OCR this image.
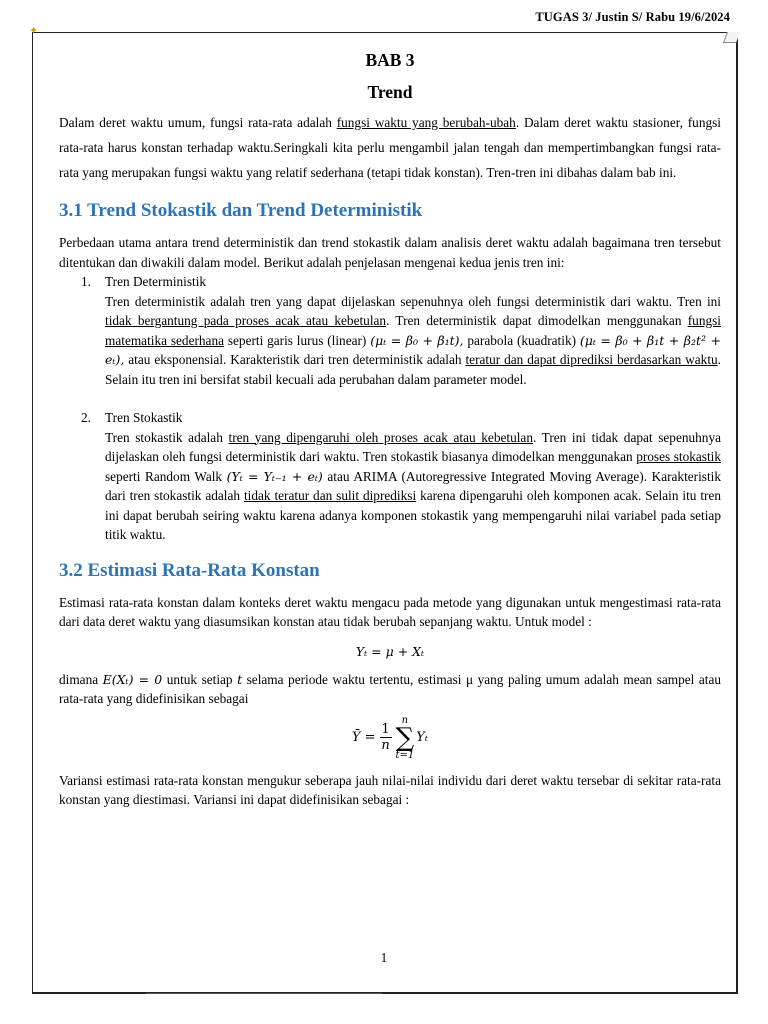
TUGAS 3/ Justin S/ Rabu 19/6/2024
✦
BAB 3
Trend
Dalam deret waktu umum, fungsi rata-rata adalah fungsi waktu yang berubah-ubah. Dalam deret waktu stasioner, fungsi rata-rata harus konstan terhadap waktu.Seringkali kita perlu mengambil jalan tengah dan mempertimbangkan fungsi rata-rata yang merupakan fungsi waktu yang relatif sederhana (tetapi tidak konstan). Tren-tren ini dibahas dalam bab ini.
3.1 Trend Stokastik dan Trend Deterministik
Perbedaan utama antara trend deterministik dan trend stokastik dalam analisis deret waktu adalah bagaimana tren tersebut ditentukan dan diwakili dalam model. Berikut adalah penjelasan mengenai kedua jenis tren ini:
1. Tren Deterministik
Tren deterministik adalah tren yang dapat dijelaskan sepenuhnya oleh fungsi deterministik dari waktu. Tren ini tidak bergantung pada proses acak atau kebetulan. Tren deterministik dapat dimodelkan menggunakan fungsi matematika sederhana seperti garis lurus (linear) (μₜ = β₀ + β₁t), parabola (kuadratik) (μₜ = β₀ + β₁t + β₂t² + eₜ), atau eksponensial. Karakteristik dari tren deterministik adalah teratur dan dapat diprediksi berdasarkan waktu. Selain itu tren ini bersifat stabil kecuali ada perubahan dalam parameter model.
2. Tren Stokastik
Tren stokastik adalah tren yang dipengaruhi oleh proses acak atau kebetulan. Tren ini tidak dapat sepenuhnya dijelaskan oleh fungsi deterministik dari waktu. Tren stokastik biasanya dimodelkan menggunakan proses stokastik seperti Random Walk (Yₜ = Yₜ₋₁ + eₜ) atau ARIMA (Autoregressive Integrated Moving Average). Karakteristik dari tren stokastik adalah tidak teratur dan sulit diprediksi karena dipengaruhi oleh komponen acak. Selain itu tren ini dapat berubah seiring waktu karena adanya komponen stokastik yang mempengaruhi nilai variabel pada setiap titik waktu.
3.2 Estimasi Rata-Rata Konstan
Estimasi rata-rata konstan dalam konteks deret waktu mengacu pada metode yang digunakan untuk mengestimasi rata-rata dari data deret waktu yang diasumsikan konstan atau tidak berubah sepanjang waktu. Untuk model :
Yₜ = μ + Xₜ
dimana E(Xₜ) = 0 untuk setiap t selama periode waktu tertentu, estimasi μ yang paling umum adalah mean sampel atau rata-rata yang didefinisikan sebagai
Ȳ = $\frac{1}{n}$
n
∑
t=1
Yₜ
Variansi estimasi rata-rata konstan mengukur seberapa jauh nilai-nilai individu dari deret waktu tersebar di sekitar rata-rata konstan yang diestimasi. Variansi ini dapat didefinisikan sebagai :
1
